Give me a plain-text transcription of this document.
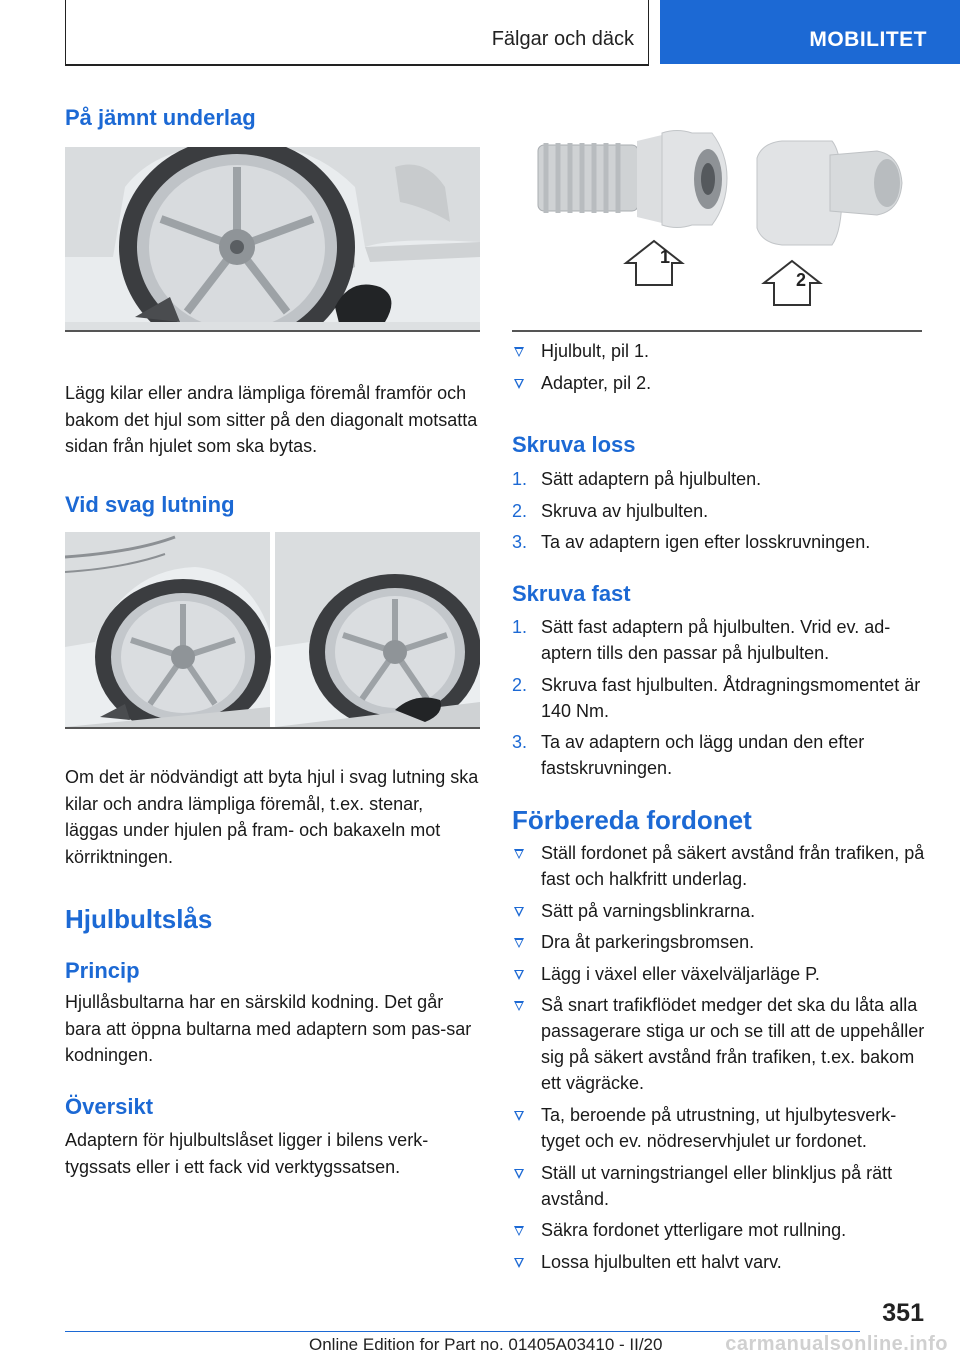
Fälgar och däck	MOBILITET
På jämnt underlag
Lägg kilar eller andra lämpliga föremål framför och bakom det hjul som sitter på den diagonalt motsatta sidan från hjulet som ska bytas.
Vid svag lutning
Om det är nödvändigt att byta hjul i svag lutning ska kilar och andra lämpliga föremål, t.ex. stenar, läggas under hjulen på fram- och bakaxeln mot körriktningen.
Hjulbultslås
Princip
Hjullåsbultarna har en särskild kodning. Det går bara att öppna bultarna med adaptern som pas-sar kodningen.
Översikt
Adaptern för hjulbultslåset ligger i bilens verk-tygssats eller i ett fack vid verktygssatsen.
1
2
Hjulbult, pil 1.
Adapter, pil 2.
Skruva loss
1. Sätt adaptern på hjulbulten.
2. Skruva av hjulbulten.
3. Ta av adaptern igen efter losskruvningen.
Skruva fast
1. Sätt fast adaptern på hjulbulten. Vrid ev. ad-aptern tills den passar på hjulbulten.
2. Skruva fast hjulbulten. Åtdragningsmomentet är 140 Nm.
3. Ta av adaptern och lägg undan den efter fastskruvningen.
Förbereda fordonet
Ställ fordonet på säkert avstånd från trafiken, på fast och halkfritt underlag.
Sätt på varningsblinkrarna.
Dra åt parkeringsbromsen.
Lägg i växel eller växelväljarläge P.
Så snart trafikflödet medger det ska du låta alla passagerare stiga ur och se till att de uppehåller sig på säkert avstånd från trafiken, t.ex. bakom ett vägräcke.
Ta, beroende på utrustning, ut hjulbytesverk-tyget och ev. nödreservhjulet ur fordonet.
Ställ ut varningstriangel eller blinkljus på rätt avstånd.
Säkra fordonet ytterligare mot rullning.
Lossa hjulbulten ett halvt varv.
351
Online Edition for Part no. 01405A03410 - II/20	carmanualsonline.info
